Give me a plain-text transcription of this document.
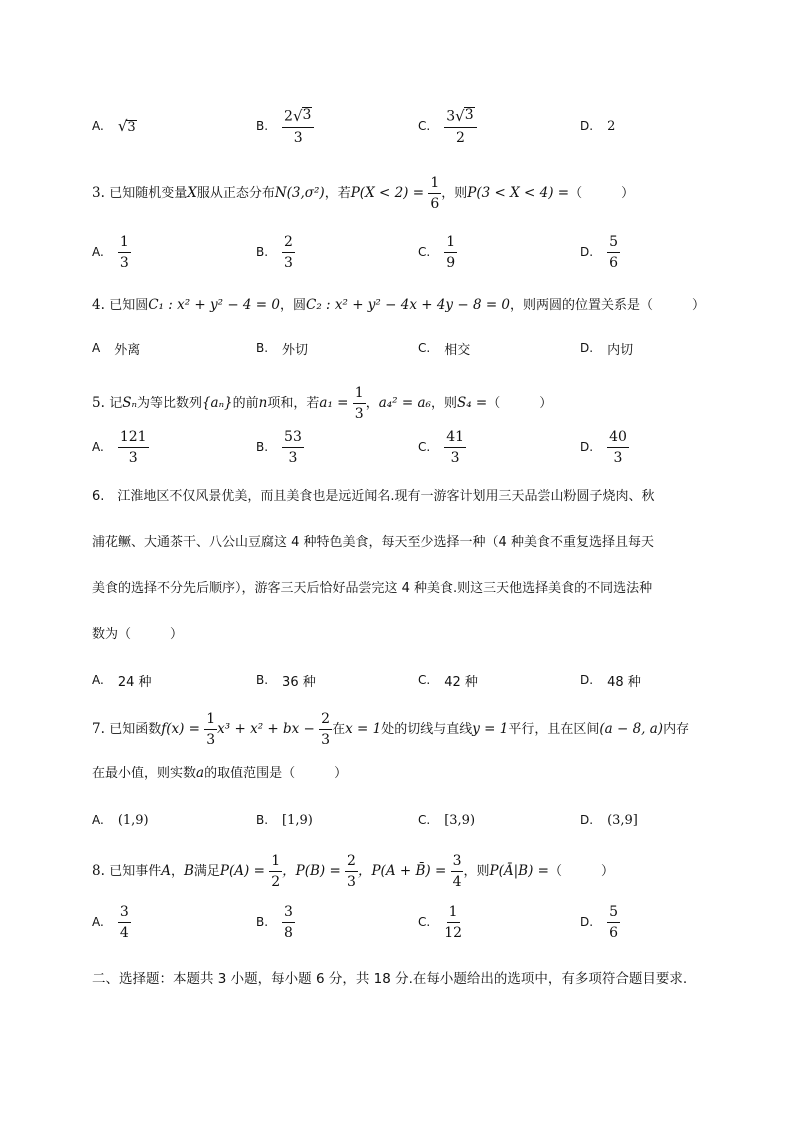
A. √ 3	B. $\frac{2 √ 3}{3}$	C. $\frac{3 √ 3}{2}$	D. 2
3. 已知随机变量X服从正态分布N(3,σ²)，若$P(X < 2) = \frac{1}{6}$ ，则P(3 < X < 4) =（　　　）
A. $\frac{1}{3}$	B. $\frac{2}{3}$	C. $\frac{1}{9}$	D. $\frac{5}{6}$
4. 已知圆C₁ : x² + y² − 4 = 0，圆C₂ : x² + y² − 4x + 4y − 8 = 0，则两圆的位置关系是（　　　）
A 外离	B. 外切	C. 相交	D. 内切
5. 记Sₙ为等比数列{aₙ}的前n项和，若$a_1 = \frac{1}{3}$ ，a₄² = a₆，则S₄ =（　　　）
A. $\frac{121}{3}$	B. $\frac{53}{3}$	C. $\frac{41}{3}$	D. $\frac{40}{3}$
6.　江淮地区不仅风景优美，而且美食也是远近闻名.现有一游客计划用三天品尝山粉圆子烧肉、秋
浦花鳜、大通茶干、八公山豆腐这 4 种特色美食，每天至少选择一种（4 种美食不重复选择且每天
美食的选择不分先后顺序），游客三天后恰好品尝完这 4 种美食.则这三天他选择美食的不同选法种
数为（　　　）
A. 24 种	B. 36 种	C. 42 种	D. 48 种
7. 已知函数$f(x) = \frac{1}{3} x^3 + x^2$ + bx − $\frac{2}{3}$ 在x = 1处的切线与直线y = 1平行，且在区间(a − 8, a)内存
在最小值，则实数a的取值范围是（　　　）
A. (1,9)	B. [1,9)	C. [3,9)	D. (3,9]
8. 已知事件A，B满足$P(A) = \frac{1}{2}$ ，$P(B) = \frac{2}{3}$ ，P(A + B̄) = $\frac{3}{4}$ ，则P(Ā|B) =（　　　）
A. $\frac{3}{4}$	B. $\frac{3}{8}$	C. $\frac{1}{12}$	D. $\frac{5}{6}$
二、选择题：本题共 3 小题，每小题 6 分，共 18 分.在每小题给出的选项中，有多项符合题目要求.
